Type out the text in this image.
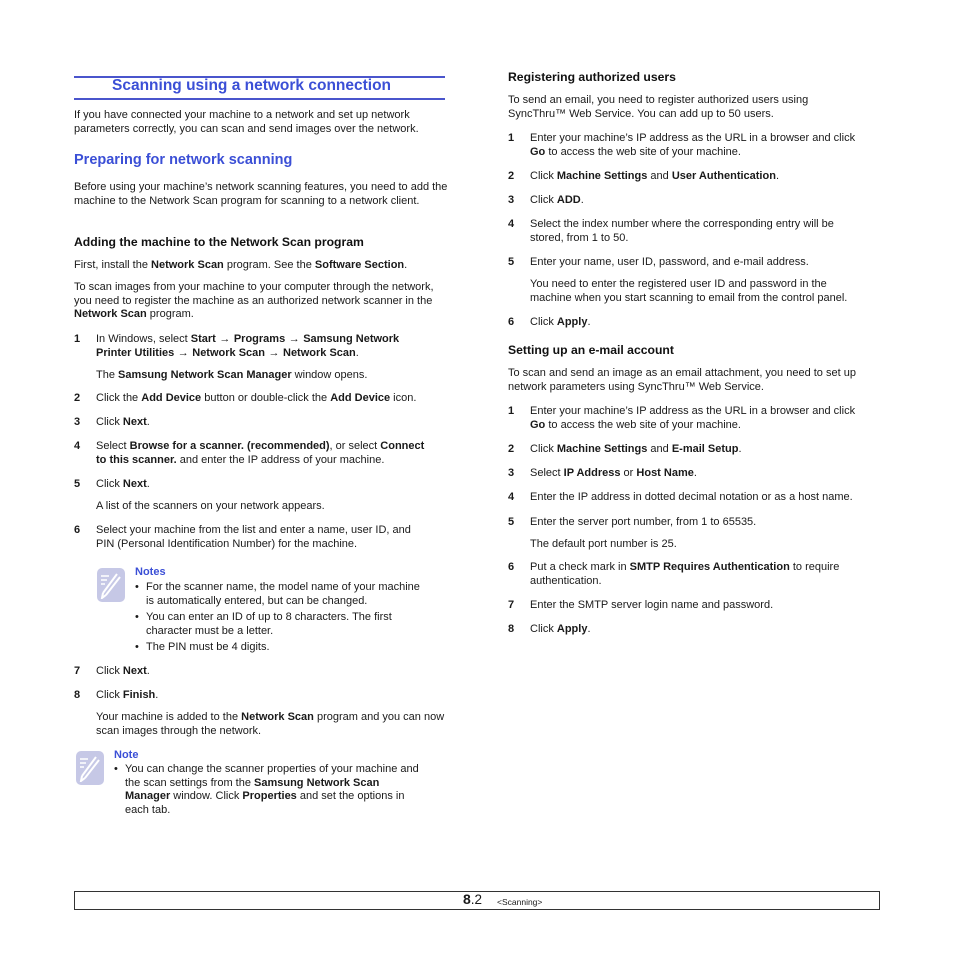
Scanning using a network connection

If you have connected your machine to a network and set up network parameters correctly, you can scan and send images over the network.

Preparing for network scanning

Before using your machine’s network scanning features, you need to add the machine to the Network Scan program for scanning to a network client.

Adding the machine to the Network Scan program

First, install the Network Scan program. See the Software Section.

To scan images from your machine to your computer through the network, you need to register the machine as an authorized network scanner in the Network Scan program.

1 In Windows, select Start → Programs → Samsung Network
Printer Utilities → Network Scan → Network Scan.

The Samsung Network Scan Manager window opens.

2 Click the Add Device button or double-click the Add Device icon.

3 Click Next.

4 Select Browse for a scanner. (recommended), or select Connect
to this scanner. and enter the IP address of your machine.

5 Click Next.

A list of the scanners on your network appears.

6 Select your machine from the list and enter a name, user ID, and
PIN (Personal Identification Number) for the machine.

Notes
• For the scanner name, the model name of your machine
is automatically entered, but can be changed.

• You can enter an ID of up to 8 characters. The first
character must be a letter.

• The PIN must be 4 digits.

7 Click Next.

8 Click Finish.

Your machine is added to the Network Scan program and you can now scan images through the network.

Note
• You can change the scanner properties of your machine and
the scan settings from the Samsung Network Scan
Manager window. Click Properties and set the options in
each tab.

Registering authorized users

To send an email, you need to register authorized users using
SyncThru™ Web Service. You can add up to 50 users.

1 Enter your machine’s IP address as the URL in a browser and click
Go to access the web site of your machine.

2 Click Machine Settings and User Authentication.

3 Click ADD.

4 Select the index number where the corresponding entry will be
stored, from 1 to 50.

5 Enter your name, user ID, password, and e-mail address.

You need to enter the registered user ID and password in the
machine when you start scanning to email from the control panel.

6 Click Apply.

Setting up an e-mail account

To scan and send an image as an email attachment, you need to set up
network parameters using SyncThru™ Web Service.

1 Enter your machine’s IP address as the URL in a browser and click
Go to access the web site of your machine.

2 Click Machine Settings and E-mail Setup.

3 Select IP Address or Host Name.

4 Enter the IP address in dotted decimal notation or as a host name.

5 Enter the server port number, from 1 to 65535.

The default port number is 25.

6 Put a check mark in SMTP Requires Authentication to require
authentication.

7 Enter the SMTP server login name and password.

8 Click Apply.

8.2 <Scanning>
